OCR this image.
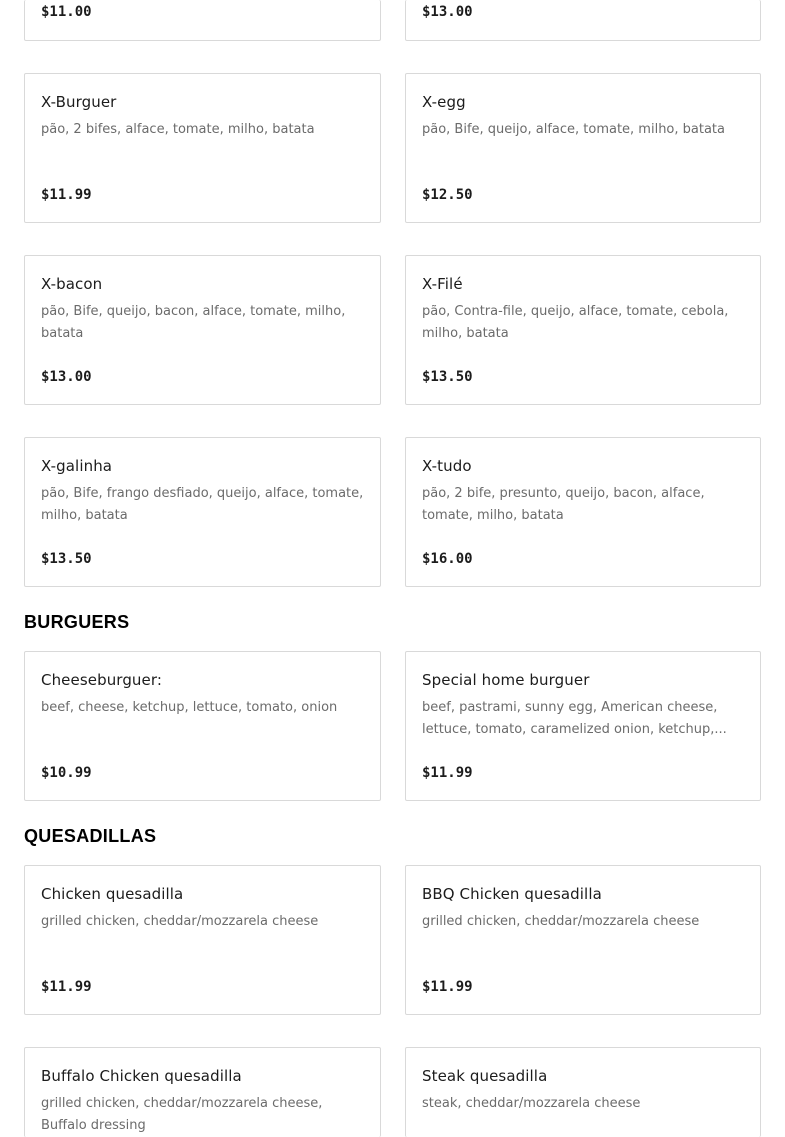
$11.00	$13.00
X-Burguer
pão, 2 bifes, alface, tomate, milho, batata
$11.99
X-egg
pão, Bife, queijo, alface, tomate, milho, batata
$12.50
X-bacon
pão, Bife, queijo, bacon, alface, tomate, milho, batata
$13.00
X-Filé
pão, Contra-file, queijo, alface, tomate, cebola, milho, batata
$13.50
X-galinha
pão, Bife, frango desfiado, queijo, alface, tomate, milho, batata
$13.50
X-tudo
pão, 2 bife, presunto, queijo, bacon, alface, tomate, milho, batata
$16.00
BURGUERS
Cheeseburguer:
beef, cheese, ketchup, lettuce, tomato, onion
$10.99
Special home burguer
beef, pastrami, sunny egg, American cheese, lettuce, tomato, caramelized onion, ketchup,...
$11.99
QUESADILLAS
Chicken quesadilla
grilled chicken, cheddar/mozzarela cheese
$11.99
BBQ Chicken quesadilla
grilled chicken, cheddar/mozzarela cheese
$11.99
Buffalo Chicken quesadilla
grilled chicken, cheddar/mozzarela cheese, Buffalo dressing
Steak quesadilla
steak, cheddar/mozzarela cheese
